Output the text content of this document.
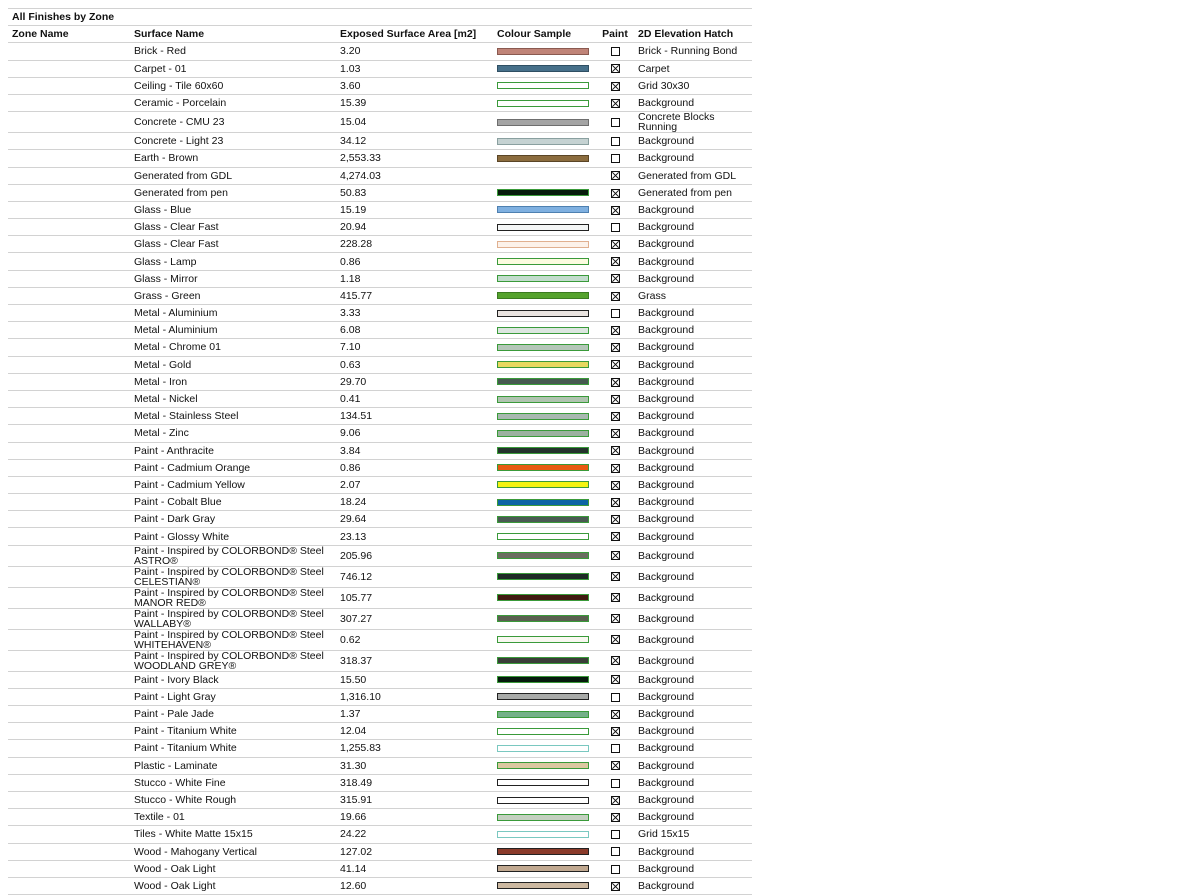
All Finishes by Zone					
Zone Name	Surface Name	Exposed Surface Area [m2]	Colour Sample	Paint	2D Elevation Hatch
	Brick - Red	3.20			Brick - Running Bond
	Carpet - 01	1.03			Carpet
	Ceiling - Tile 60x60	3.60			Grid 30x30
	Ceramic - Porcelain	15.39			Background
	Concrete - CMU 23	15.04			Concrete Blocks Running
	Concrete - Light 23	34.12			Background
	Earth - Brown	2,553.33			Background
	Generated from GDL	4,274.03			Generated from GDL
	Generated from pen	50.83			Generated from pen
	Glass - Blue	15.19			Background
	Glass - Clear Fast	20.94			Background
	Glass - Clear Fast	228.28			Background
	Glass - Lamp	0.86			Background
	Glass - Mirror	1.18			Background
	Grass - Green	415.77			Grass
	Metal - Aluminium	3.33			Background
	Metal - Aluminium	6.08			Background
	Metal - Chrome 01	7.10			Background
	Metal - Gold	0.63			Background
	Metal - Iron	29.70			Background
	Metal - Nickel	0.41			Background
	Metal - Stainless Steel	134.51			Background
	Metal - Zinc	9.06			Background
	Paint - Anthracite	3.84			Background
	Paint - Cadmium Orange	0.86			Background
	Paint - Cadmium Yellow	2.07			Background
	Paint - Cobalt Blue	18.24			Background
	Paint - Dark Gray	29.64			Background
	Paint - Glossy White	23.13			Background
	Paint - Inspired by COLORBOND® Steel ASTRO®	205.96			Background
	Paint - Inspired by COLORBOND® Steel CELESTIAN®	746.12			Background
	Paint - Inspired by COLORBOND® Steel MANOR RED®	105.77			Background
	Paint - Inspired by COLORBOND® Steel WALLABY®	307.27			Background
	Paint - Inspired by COLORBOND® Steel WHITEHAVEN®	0.62			Background
	Paint - Inspired by COLORBOND® Steel WOODLAND GREY®	318.37			Background
	Paint - Ivory Black	15.50			Background
	Paint - Light Gray	1,316.10			Background
	Paint - Pale Jade	1.37			Background
	Paint - Titanium White	12.04			Background
	Paint - Titanium White	1,255.83			Background
	Plastic - Laminate	31.30			Background
	Stucco - White Fine	318.49			Background
	Stucco - White Rough	315.91			Background
	Textile - 01	19.66			Background
	Tiles - White Matte 15x15	24.22			Grid 15x15
	Wood - Mahogany Vertical	127.02			Background
	Wood - Oak Light	41.14			Background
	Wood - Oak Light	12.60			Background
